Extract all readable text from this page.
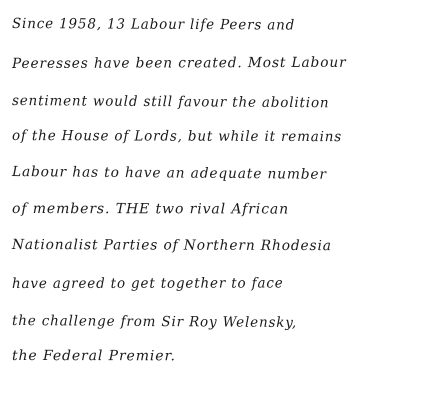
Since 1958, 13 Labour life Peers and
Peeresses have been created. Most Labour
sentiment would still favour the abolition
of the House of Lords, but while it remains
Labour has to have an adequate number
of members. THE two rival African
Nationalist Parties of Northern Rhodesia
have agreed to get together to face
the challenge from Sir Roy Welensky,
the Federal Premier.
